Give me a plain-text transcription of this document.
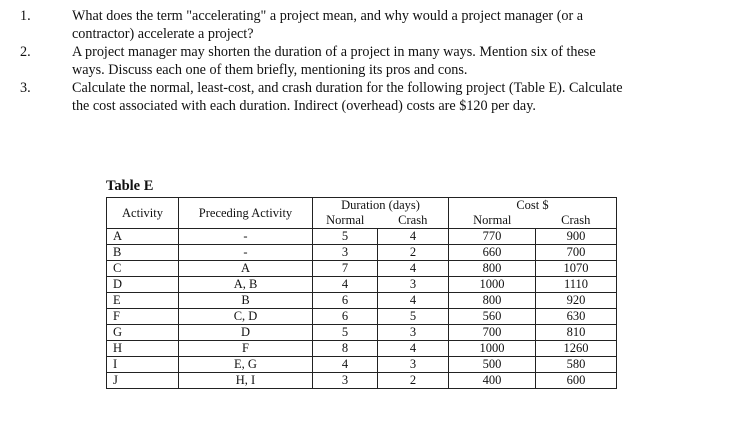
1.	What does the term "accelerating" a project mean, and why would a project manager (or a
contractor) accelerate a project?
2.	A project manager may shorten the duration of a project in many ways. Mention six of these
ways. Discuss each one of them briefly, mentioning its pros and cons.
3.	Calculate the normal, least-cost, and crash duration for the following project (Table E). Calculate
the cost associated with each duration. Indirect (overhead) costs are $120 per day.
Table E
Activity	Preceding Activity	Duration (days)		Cost $	
		Normal	Crash	Normal	Crash
A	-	5	4	770	900
B	-	3	2	660	700
C	A	7	4	800	1070
D	A, B	4	3	1000	1110
E	B	6	4	800	920
F	C, D	6	5	560	630
G	D	5	3	700	810
H	F	8	4	1000	1260
I	E, G	4	3	500	580
J	H, I	3	2	400	600
